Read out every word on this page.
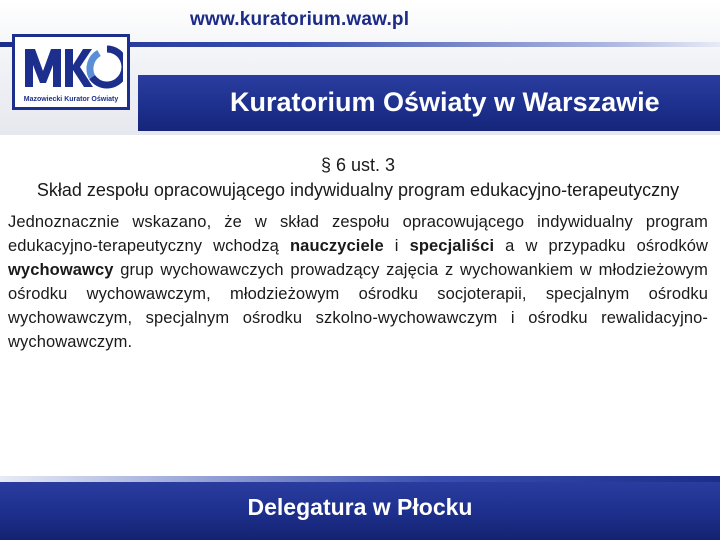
www.kuratorium.waw.pl
Mazowiecki Kurator Oświaty	Kuratorium Oświaty w Warszawie

§ 6 ust. 3

Skład zespołu opracowującego indywidualny program edukacyjno-terapeutyczny

Jednoznacznie wskazano, że w skład zespołu opracowującego indywidualny program edukacyjno-terapeutyczny wchodzą nauczyciele i specjaliści a w przypadku ośrodków wychowawcy grup wychowawczych prowadzący zajęcia z wychowankiem w młodzieżowym ośrodku wychowawczym, młodzieżowym ośrodku socjoterapii, specjalnym ośrodku wychowawczym, specjalnym ośrodku szkolno-wychowawczym i ośrodku rewalidacyjno-wychowawczym.

Delegatura w Płocku
